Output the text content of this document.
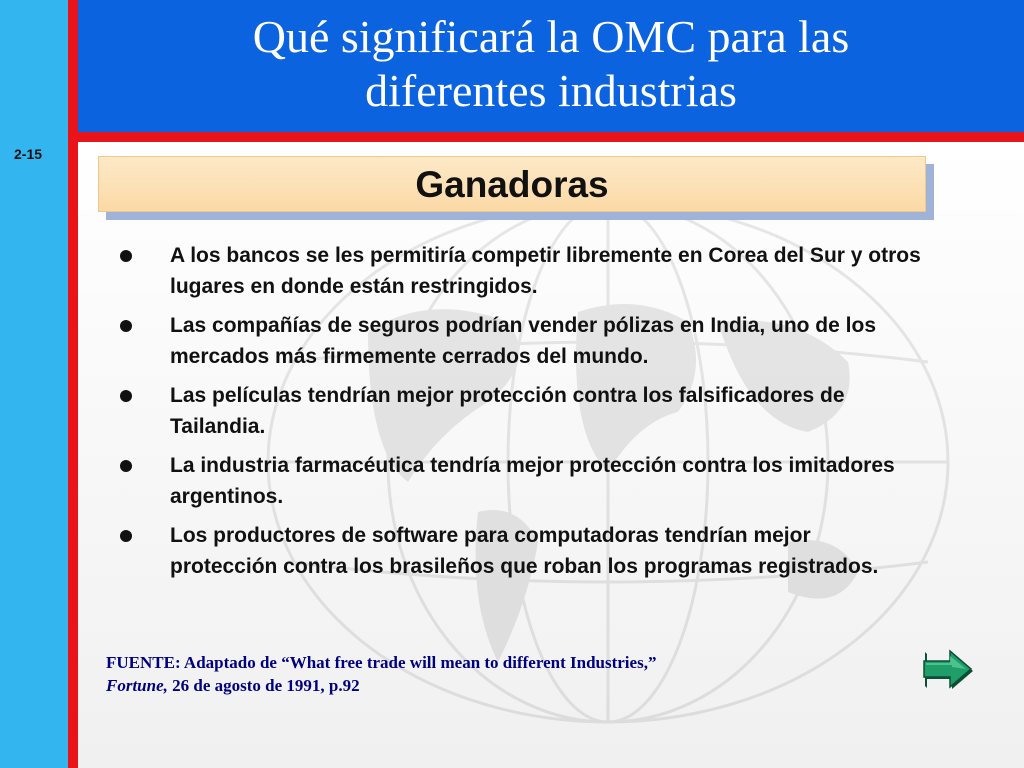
Qué significará la OMC para las
diferentes industrias
2-15
Ganadoras
A los bancos se les permitiría competir libremente en Corea del Sur y otros lugares en donde están restringidos.
Las compañías de seguros podrían vender pólizas en India, uno de los mercados más firmemente cerrados del mundo.
Las películas tendrían mejor protección contra los falsificadores de Tailandia.
La industria farmacéutica tendría mejor protección contra los imitadores argentinos.
Los productores de software para computadoras tendrían mejor protección contra los brasileños que roban los programas registrados.
FUENTE: Adaptado de “What free trade will mean to different Industries,”
Fortune, 26 de agosto de 1991, p.92
